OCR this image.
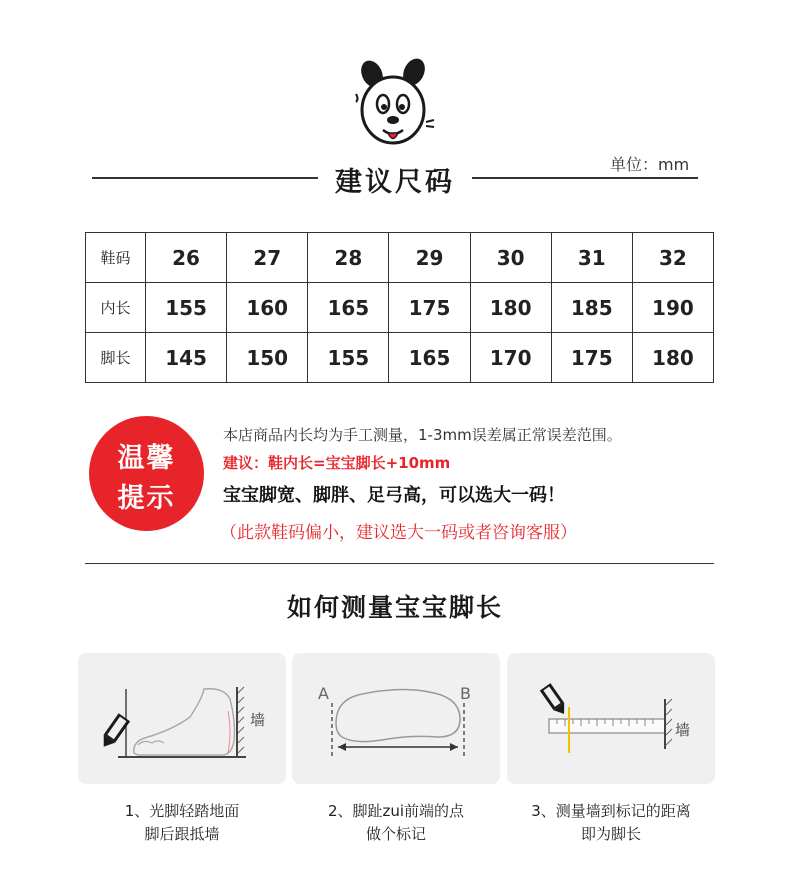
建议尺码
单位：mm
鞋码	26	27	28	29	30	31	32
内长	155	160	165	175	180	185	190
脚长	145	150	155	165	170	175	180
温馨
提示
本店商品内长均为手工测量，1-3mm误差属正常误差范围。
建议：鞋内长=宝宝脚长+10mm
宝宝脚宽、脚胖、足弓高，可以选大一码！
（此款鞋码偏小，建议选大一码或者咨询客服）
如何测量宝宝脚长
墙
A	B
墙
1、光脚轻踏地面
脚后跟抵墙
2、脚趾zui前端的点
做个标记
3、测量墙到标记的距离
即为脚长
